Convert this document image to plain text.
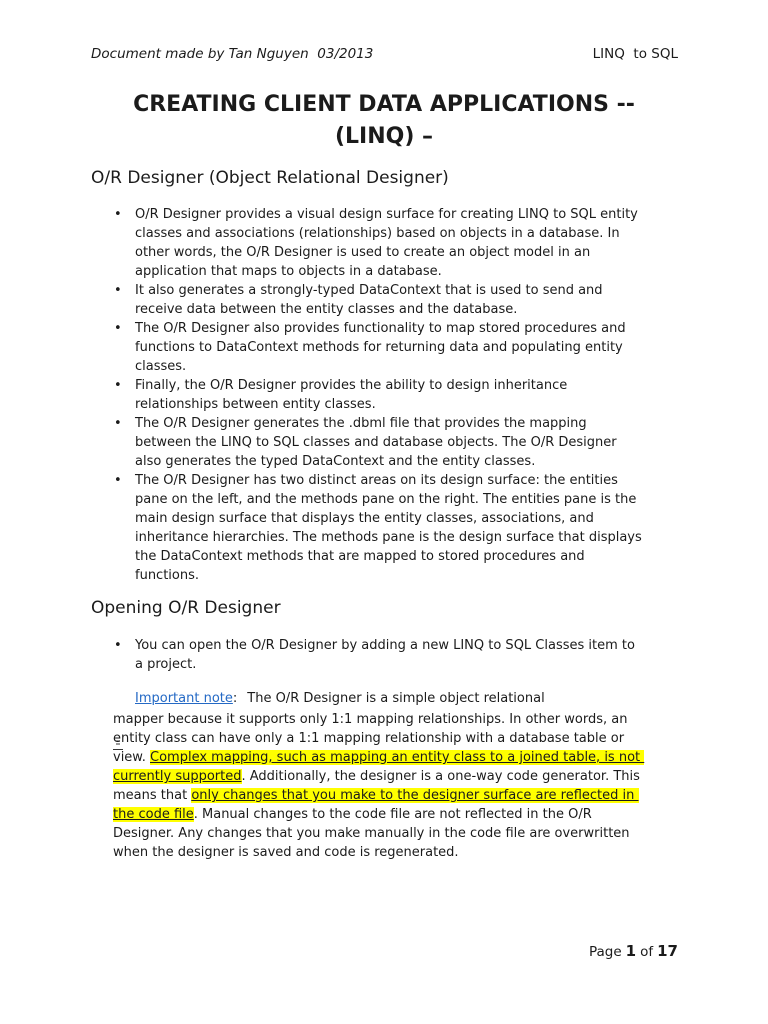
Document made by Tan Nguyen  03/2013	LINQ  to SQL
CREATING CLIENT DATA APPLICATIONS --
(LINQ) –
O/R Designer (Object Relational Designer)
• O/R Designer provides a visual design surface for creating LINQ to SQL entity
classes and associations (relationships) based on objects in a database. In
other words, the O/R Designer is used to create an object model in an
application that maps to objects in a database.
• It also generates a strongly-typed DataContext that is used to send and
receive data between the entity classes and the database.
• The O/R Designer also provides functionality to map stored procedures and
functions to DataContext methods for returning data and populating entity
classes.
• Finally, the O/R Designer provides the ability to design inheritance
relationships between entity classes.
• The O/R Designer generates the .dbml file that provides the mapping
between the LINQ to SQL classes and database objects. The O/R Designer
also generates the typed DataContext and the entity classes.
• The O/R Designer has two distinct areas on its design surface: the entities
pane on the left, and the methods pane on the right. The entities pane is the
main design surface that displays the entity classes, associations, and
inheritance hierarchies. The methods pane is the design surface that displays
the DataContext methods that are mapped to stored procedures and
functions.
Opening O/R Designer
• You can open the O/R Designer by adding a new LINQ to SQL Classes item to
a project.

Important note : The O/R Designer is a simple object relational
mapper because it supports only 1:1 mapping relationships. In other words, an
entity class can have only a 1:1 mapping relationship with a database table or
view. Complex mapping, such as mapping an entity class to a joined table, is not
currently supported. Additionally, the designer is a one-way code generator. This
means that only changes that you make to the designer surface are reflected in
the code file. Manual changes to the code file are not reflected in the O/R
Designer. Any changes that you make manually in the code file are overwritten
when the designer is saved and code is regenerated.
Page 1 of 17
